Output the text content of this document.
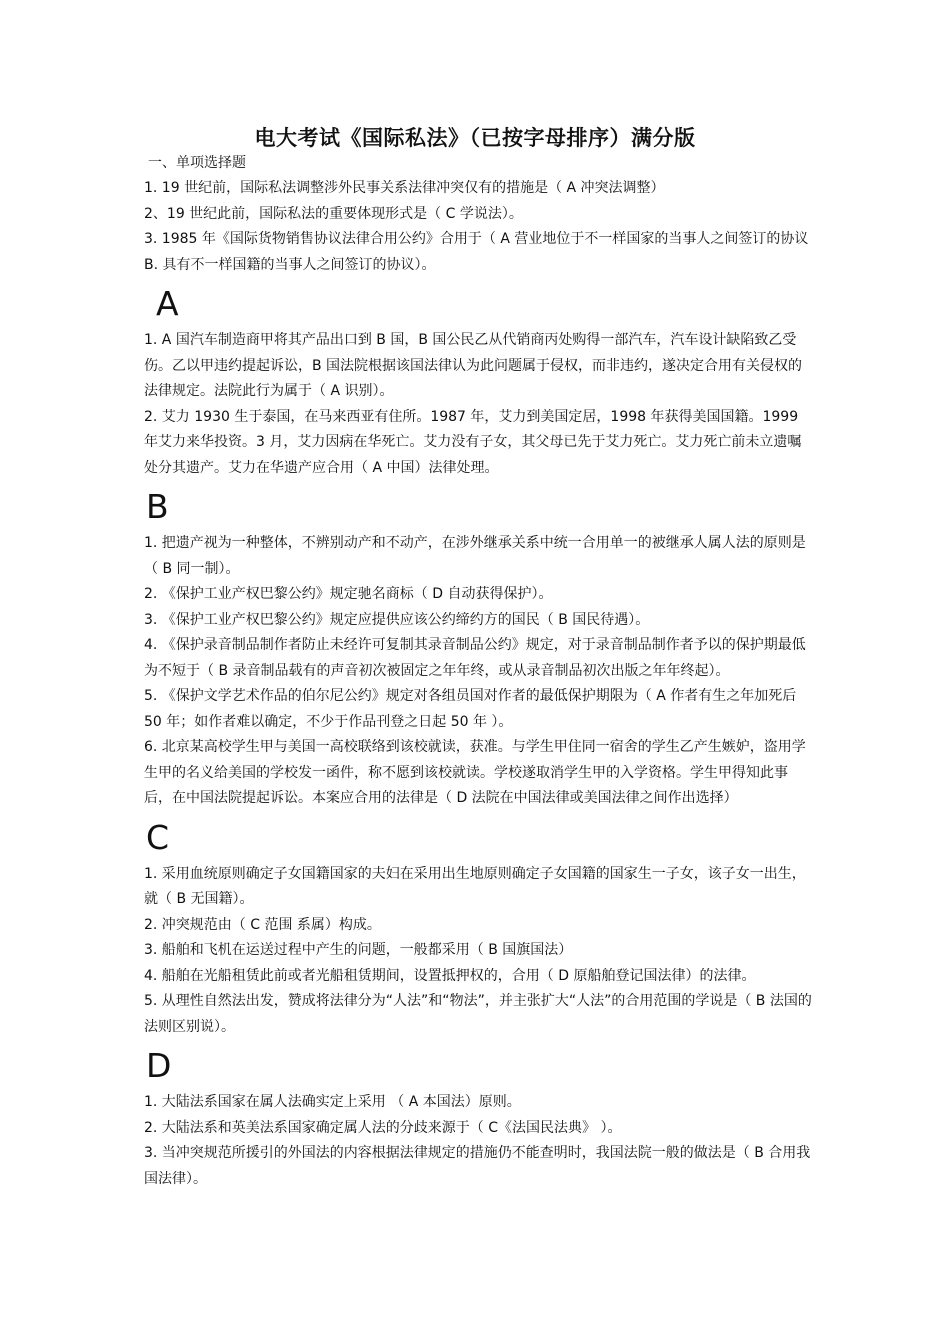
电大考试《国际私法》（已按字母排序）满分版
一、单项选择题

1. 19 世纪前，国际私法调整涉外民事关系法律冲突仅有的措施是（ A 冲突法调整）

2、19 世纪此前，国际私法的重要体现形式是（ C 学说法）。

3. 1985 年《国际货物销售协议法律合用公约》合用于（ A 营业地位于不一样国家的当事人之间签订的协议 B. 具有不一样国籍的当事人之间签订的协议）。

A

1. A 国汽车制造商甲将其产品出口到 B 国，B 国公民乙从代销商丙处购得一部汽车，汽车设计缺陷致乙受伤。乙以甲违约提起诉讼，B 国法院根据该国法律认为此问题属于侵权，而非违约，遂决定合用有关侵权的法律规定。法院此行为属于（ A 识别）。

2. 艾力 1930 生于泰国，在马来西亚有住所。1987 年，艾力到美国定居，1998 年获得美国国籍。1999 年艾力来华投资。3 月，艾力因病在华死亡。艾力没有子女，其父母已先于艾力死亡。艾力死亡前未立遗嘱处分其遗产。艾力在华遗产应合用（ A 中国）法律处理。

B

1. 把遗产视为一种整体，不辨别动产和不动产，在涉外继承关系中统一合用单一的被继承人属人法的原则是（ B 同一制）。

2. 《保护工业产权巴黎公约》规定驰名商标（ D 自动获得保护）。

3. 《保护工业产权巴黎公约》规定应提供应该公约缔约方的国民（ B 国民待遇）。

4. 《保护录音制品制作者防止未经许可复制其录音制品公约》规定，对于录音制品制作者予以的保护期最低为不短于（ B 录音制品载有的声音初次被固定之年年终，或从录音制品初次出版之年年终起）。

5. 《保护文学艺术作品的伯尔尼公约》规定对各组员国对作者的最低保护期限为（ A 作者有生之年加死后 50 年；如作者难以确定，不少于作品刊登之日起 50 年 ）。

6. 北京某高校学生甲与美国一高校联络到该校就读，获准。与学生甲住同一宿舍的学生乙产生嫉妒，盗用学生甲的名义给美国的学校发一函件，称不愿到该校就读。学校遂取消学生甲的入学资格。学生甲得知此事后，在中国法院提起诉讼。本案应合用的法律是（ D 法院在中国法律或美国法律之间作出选择）

C

1. 采用血统原则确定子女国籍国家的夫妇在采用出生地原则确定子女国籍的国家生一子女，该子女一出生，就（ B 无国籍）。

2. 冲突规范由（ C 范围 系属）构成。

3. 船舶和飞机在运送过程中产生的问题，一般都采用（ B 国旗国法）

4. 船舶在光船租赁此前或者光船租赁期间，设置抵押权的，合用（ D 原船舶登记国法律）的法律。

5. 从理性自然法出发，赞成将法律分为“人法”和“物法”，并主张扩大“人法”的合用范围的学说是（ B 法国的法则区别说）。

D

1. 大陆法系国家在属人法确实定上采用 （ A 本国法）原则。

2. 大陆法系和英美法系国家确定属人法的分歧来源于（ C《法国民法典》 ）。

3. 当冲突规范所援引的外国法的内容根据法律规定的措施仍不能查明时，我国法院一般的做法是（ B 合用我国法律）。
